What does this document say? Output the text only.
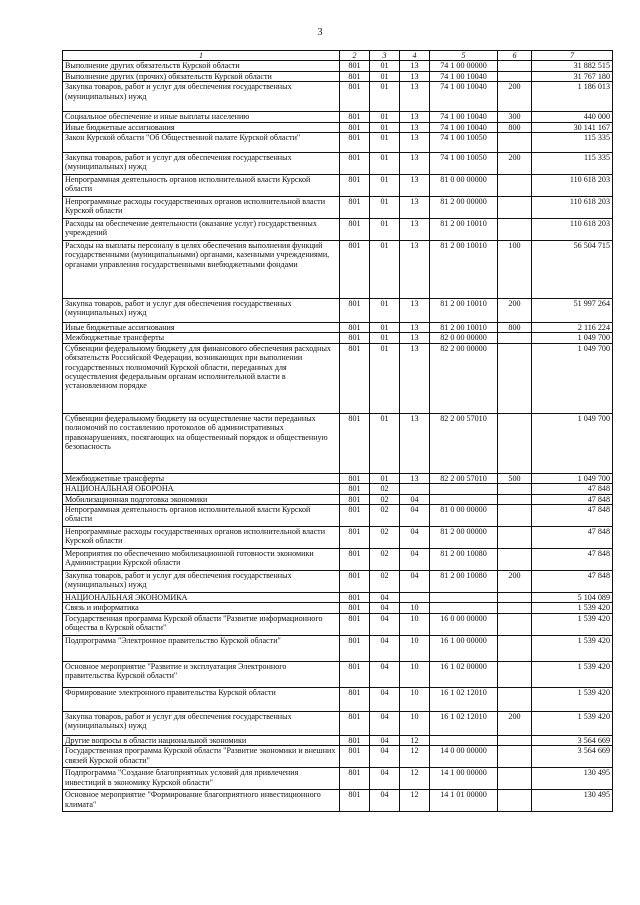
3
1	2	3	4	5	6	7
Выполнение других обязательств Курской области	801	01	13	74 1 00 00000		31 882 515
Выполнение других (прочих) обязательств Курской области	801	01	13	74 1 00 10040		31 767 180
Закупка товаров, работ и услуг для обеспечения государственных (муниципальных) нужд	801	01	13	74 1 00 10040	200	1 186 013
Социальное обеспечение и иные выплаты населению	801	01	13	74 1 00 10040	300	440 000
Иные бюджетные ассигнования	801	01	13	74 1 00 10040	800	30 141 167
Закон Курской области "Об Общественной палате Курской области"	801	01	13	74 1 00 10050		115 335
Закупка товаров, работ и услуг для обеспечения государственных (муниципальных) нужд	801	01	13	74 1 00 10050	200	115 335
Непрограммная деятельность органов исполнительной власти Курской области	801	01	13	81 0 00 00000		110 618 203
Непрограммные расходы государственных органов исполнительной власти Курской области	801	01	13	81 2 00 00000		110 618 203
Расходы на обеспечение деятельности (оказание услуг) государственных учреждений	801	01	13	81 2 00 10010		110 618 203
Расходы на выплаты персоналу в целях обеспечения выполнения функций государственными (муниципальными) органами, казенными учреждениями, органами управления государственными внебюджетными фондами	801	01	13	81 2 00 10010	100	56 504 715
Закупка товаров, работ и услуг для обеспечения государственных (муниципальных) нужд	801	01	13	81 2 00 10010	200	51 997 264
Иные бюджетные ассигнования	801	01	13	81 2 00 10010	800	2 116 224
Межбюджетные трансферты	801	01	13	82 0 00 00000		1 049 700
Субвенции федеральному бюджету для финансового обеспечения расходных обязательств Российской Федерации, возникающих при выполнении государственных полномочий Курской области, переданных для осуществления федеральным органам исполнительной власти в установленном порядке	801	01	13	82 2 00 00000		1 049 700
Субвенции федеральному бюджету на осуществление части переданных полномочий по составлению протоколов об административных правонарушениях, посягающих на общественный порядок и общественную безопасность	801	01	13	82 2 00 57010		1 049 700
Межбюджетные трансферты	801	01	13	82 2 00 57010	500	1 049 700
НАЦИОНАЛЬНАЯ ОБОРОНА	801	02				47 848
Мобилизационная подготовка экономики	801	02	04			47 848
Непрограммная деятельность органов исполнительной власти Курской области	801	02	04	81 0 00 00000		47 848
Непрограммные расходы государственных органов исполнительной власти Курской области	801	02	04	81 2 00 00000		47 848
Мероприятия по обеспечению мобилизационной готовности экономики Администрации Курской области	801	02	04	81 2 00 10080		47 848
Закупка товаров, работ и услуг для обеспечения государственных (муниципальных) нужд	801	02	04	81 2 00 10080	200	47 848
НАЦИОНАЛЬНАЯ ЭКОНОМИКА	801	04				5 104 089
Связь и информатика	801	04	10			1 539 420
Государственная программа Курской области "Развитие информационного общества в Курской области"	801	04	10	16 0 00 00000		1 539 420
Подпрограмма "Электронное правительство Курской области"	801	04	10	16 1 00 00000		1 539 420
Основное мероприятие "Развитие и эксплуатация Электронного правительства Курской области"	801	04	10	16 1 02 00000		1 539 420
Формирование электронного правительства Курской области	801	04	10	16 1 02 12010		1 539 420
Закупка товаров, работ и услуг для обеспечения государственных (муниципальных) нужд	801	04	10	16 1 02 12010	200	1 539 420
Другие вопросы в области национальной экономики	801	04	12			3 564 669
Государственная программа Курской области "Развитие экономики и внешних связей Курской области"	801	04	12	14 0 00 00000		3 564 669
Подпрограмма "Создание благоприятных условий для привлечения инвестиций в экономику Курской области"	801	04	12	14 1 00 00000		130 495
Основное мероприятие "Формирование благоприятного инвестиционного климата"	801	04	12	14 1 01 00000		130 495
